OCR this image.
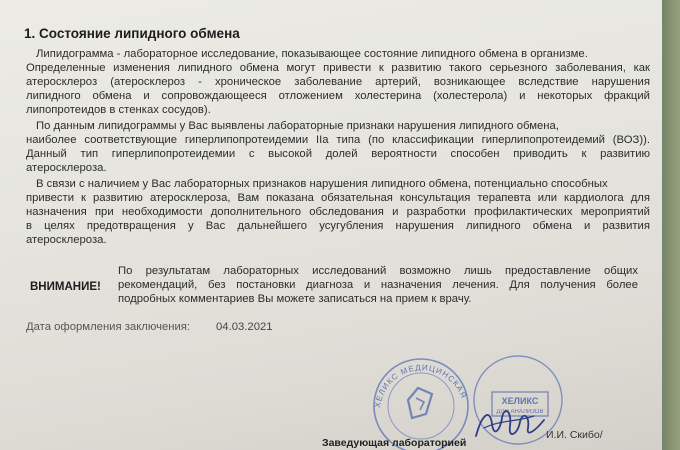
1. Состояние липидного обмена
Липидограмма - лабораторное исследование, показывающее состояние липидного обмена в организме.
Определенные изменения липидного обмена могут привести к развитию такого серьезного заболевания, как
атеросклероз (атеросклероз - хроническое заболевание артерий, возникающее вследствие нарушения
липидного обмена и сопровождающееся отложением холестерина (холестерола) и некоторых фракций
липопротеидов в стенках сосудов).
По данным липидограммы у Вас выявлены лабораторные признаки нарушения липидного обмена,
наиболее соответствующие гиперлипопротеидемии IIa типа (по классификации гиперлипопротеидемий (ВОЗ)).
Данный тип гиперлипопротеидемии с высокой долей вероятности способен приводить к развитию
атеросклероза.
В связи с наличием у Вас лабораторных признаков нарушения липидного обмена, потенциально способных
привести к развитию атеросклероза, Вам показана обязательная консультация терапевта или кардиолога для
назначения при необходимости дополнительного обследования и разработки профилактических мероприятий
в целях предотвращения у Вас дальнейшего усугубления нарушения липидного обмена и развития
атеросклероза.
ВНИМАНИЕ!
По результатам лабораторных исследований возможно лишь предоставление общих
рекомендаций, без постановки диагноза и назначения лечения. Для получения более
подробных комментариев Вы можете записаться на прием к врачу.
Дата оформления заключения: 04.03.2021
ХЕЛИКС МЕДИЦИНСКАЯ
ХЕЛИКС
ДЛЯ АНАЛИЗОВ
Заведующая лабораторией
И.И. Скибо/
